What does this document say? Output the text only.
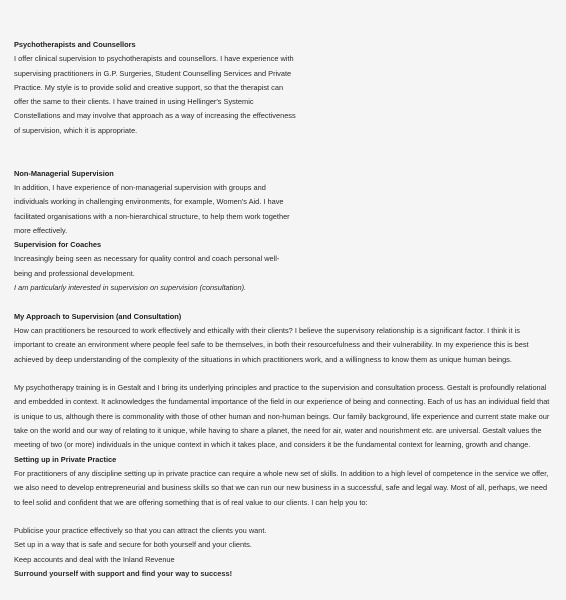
Psychotherapists and Counsellors

I offer clinical supervision to psychotherapists and counsellors. I have experience with supervising practitioners in G.P. Surgeries, Student Counselling Services and Private Practice. My style is to provide solid and creative support, so that the therapist can offer the same to their clients. I have trained in using Hellinger's Systemic Constellations and may involve that approach as a way of increasing the effectiveness of supervision, which it is appropriate.

Non-Managerial Supervision

In addition, I have experience of non-managerial supervision with groups and individuals working in challenging environments, for example, Women's Aid. I have facilitated organisations with a non-hierarchical structure, to help them work together more effectively.

Supervision for Coaches

Increasingly being seen as necessary for quality control and coach personal well-being and professional development.

I am particularly interested in supervision on supervision (consultation).

My Approach to Supervision (and Consultation)

How can practitioners be resourced to work effectively and ethically with their clients? I believe the supervisory relationship is a significant factor. I think it is important to create an environment where people feel safe to be themselves, in both their resourcefulness and their vulnerability. In my experience this is best achieved by deep understanding of the complexity of the situations in which practitioners work, and a willingness to know them as unique human beings.

My psychotherapy training is in Gestalt and I bring its underlying principles and practice to the supervision and consultation process. Gestalt is profoundly relational and embedded in context. It acknowledges the fundamental importance of the field in our experience of being and connecting. Each of us has an individual field that is unique to us, although there is commonality with those of other human and non-human beings. Our family background, life experience and current state make our take on the world and our way of relating to it unique, while having to share a planet, the need for air, water and nourishment etc. are universal. Gestalt values the meeting of two (or more) individuals in the unique context in which it takes place, and considers it be the fundamental context for learning, growth and change.

Setting up in Private Practice

For practitioners of any discipline setting up in private practice can require a whole new set of skills. In addition to a high level of competence in the service we offer, we also need to develop entrepreneurial and business skills so that we can run our new business in a successful, safe and legal way. Most of all, perhaps, we need to feel solid and confident that we are offering something that is of real value to our clients. I can help you to:

Publicise your practice effectively so that you can attract the clients you want.

Set up in a way that is safe and secure for both yourself and your clients.

Keep accounts and deal with the Inland Revenue

Surround yourself with support and find your way to success!
